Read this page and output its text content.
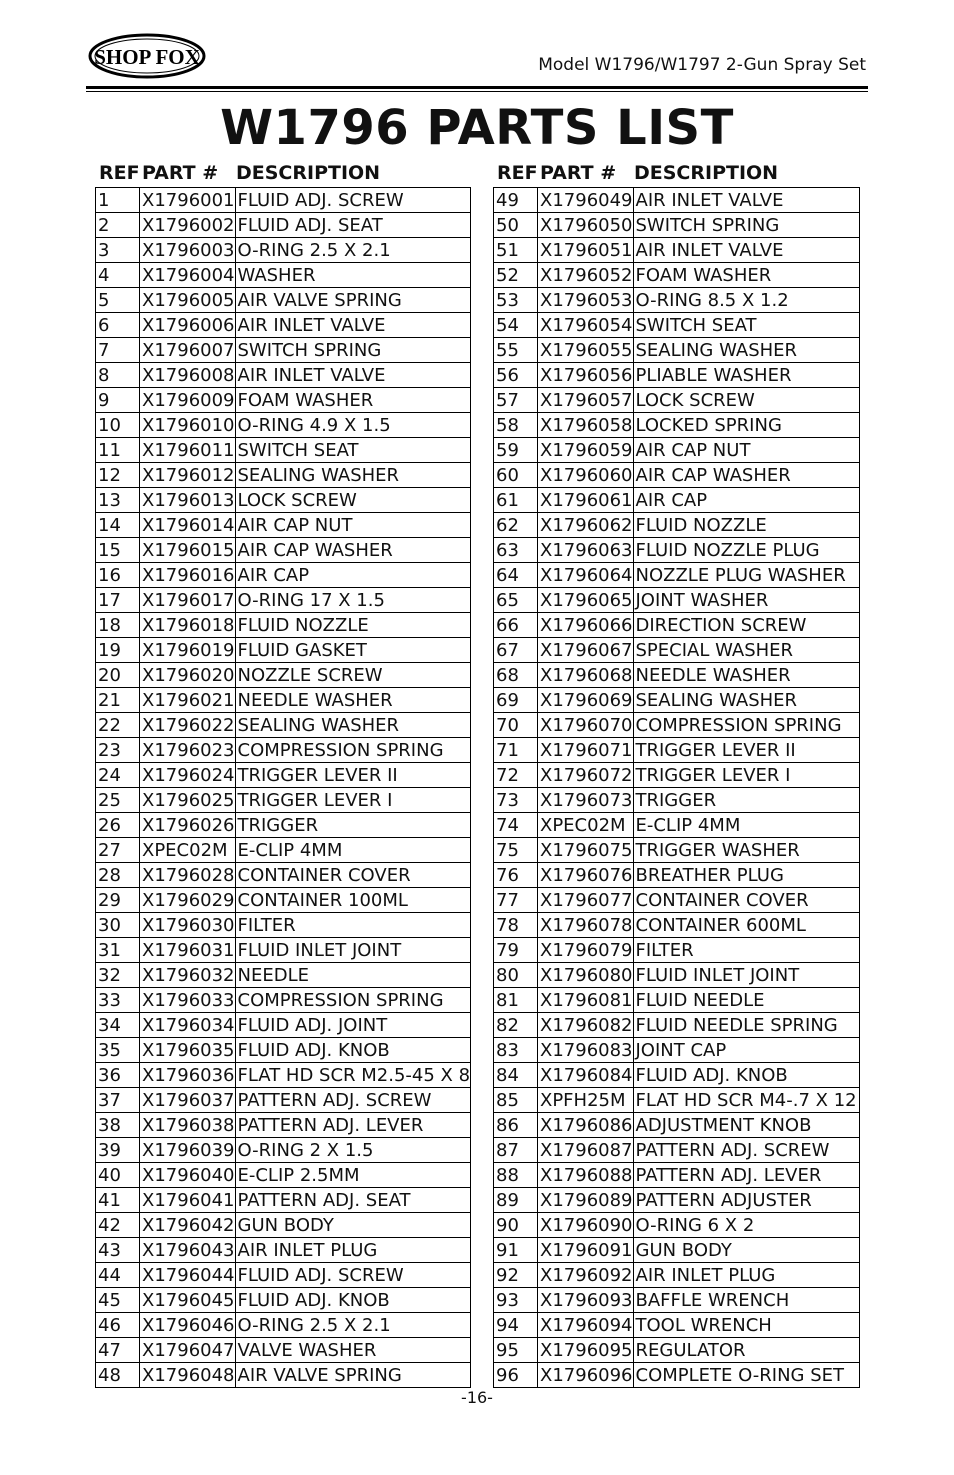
SHOP FOX	Model W1796/W1797 2-Gun Spray Set
W1796 PARTS LIST
REF PART # DESCRIPTION
1	X1796001	FLUID ADJ. SCREW
2	X1796002	FLUID ADJ. SEAT
3	X1796003	O-RING 2.5 X 2.1
4	X1796004	WASHER
5	X1796005	AIR VALVE SPRING
6	X1796006	AIR INLET VALVE
7	X1796007	SWITCH SPRING
8	X1796008	AIR INLET VALVE
9	X1796009	FOAM WASHER
10	X1796010	O-RING 4.9 X 1.5
11	X1796011	SWITCH SEAT
12	X1796012	SEALING WASHER
13	X1796013	LOCK SCREW
14	X1796014	AIR CAP NUT
15	X1796015	AIR CAP WASHER
16	X1796016	AIR CAP
17	X1796017	O-RING 17 X 1.5
18	X1796018	FLUID NOZZLE
19	X1796019	FLUID GASKET
20	X1796020	NOZZLE SCREW
21	X1796021	NEEDLE WASHER
22	X1796022	SEALING WASHER
23	X1796023	COMPRESSION SPRING
24	X1796024	TRIGGER LEVER II
25	X1796025	TRIGGER LEVER I
26	X1796026	TRIGGER
27	XPEC02M	E-CLIP 4MM
28	X1796028	CONTAINER COVER
29	X1796029	CONTAINER 100ML
30	X1796030	FILTER
31	X1796031	FLUID INLET JOINT
32	X1796032	NEEDLE
33	X1796033	COMPRESSION SPRING
34	X1796034	FLUID ADJ. JOINT
35	X1796035	FLUID ADJ. KNOB
36	X1796036	FLAT HD SCR M2.5-45 X 8
37	X1796037	PATTERN ADJ. SCREW
38	X1796038	PATTERN ADJ. LEVER
39	X1796039	O-RING 2 X 1.5
40	X1796040	E-CLIP 2.5MM
41	X1796041	PATTERN ADJ. SEAT
42	X1796042	GUN BODY
43	X1796043	AIR INLET PLUG
44	X1796044	FLUID ADJ. SCREW
45	X1796045	FLUID ADJ. KNOB
46	X1796046	O-RING 2.5 X 2.1
47	X1796047	VALVE WASHER
48	X1796048	AIR VALVE SPRING
REF PART # DESCRIPTION
49	X1796049	AIR INLET VALVE
50	X1796050	SWITCH SPRING
51	X1796051	AIR INLET VALVE
52	X1796052	FOAM WASHER
53	X1796053	O-RING 8.5 X 1.2
54	X1796054	SWITCH SEAT
55	X1796055	SEALING WASHER
56	X1796056	PLIABLE WASHER
57	X1796057	LOCK SCREW
58	X1796058	LOCKED SPRING
59	X1796059	AIR CAP NUT
60	X1796060	AIR CAP WASHER
61	X1796061	AIR CAP
62	X1796062	FLUID NOZZLE
63	X1796063	FLUID NOZZLE PLUG
64	X1796064	NOZZLE PLUG WASHER
65	X1796065	JOINT WASHER
66	X1796066	DIRECTION SCREW
67	X1796067	SPECIAL WASHER
68	X1796068	NEEDLE WASHER
69	X1796069	SEALING WASHER
70	X1796070	COMPRESSION SPRING
71	X1796071	TRIGGER LEVER II
72	X1796072	TRIGGER LEVER I
73	X1796073	TRIGGER
74	XPEC02M	E-CLIP 4MM
75	X1796075	TRIGGER WASHER
76	X1796076	BREATHER PLUG
77	X1796077	CONTAINER COVER
78	X1796078	CONTAINER 600ML
79	X1796079	FILTER
80	X1796080	FLUID INLET JOINT
81	X1796081	FLUID NEEDLE
82	X1796082	FLUID NEEDLE SPRING
83	X1796083	JOINT CAP
84	X1796084	FLUID ADJ. KNOB
85	XPFH25M	FLAT HD SCR M4-.7 X 12
86	X1796086	ADJUSTMENT KNOB
87	X1796087	PATTERN ADJ. SCREW
88	X1796088	PATTERN ADJ. LEVER
89	X1796089	PATTERN ADJUSTER
90	X1796090	O-RING 6 X 2
91	X1796091	GUN BODY
92	X1796092	AIR INLET PLUG
93	X1796093	BAFFLE WRENCH
94	X1796094	TOOL WRENCH
95	X1796095	REGULATOR
96	X1796096	COMPLETE O-RING SET
-16-
